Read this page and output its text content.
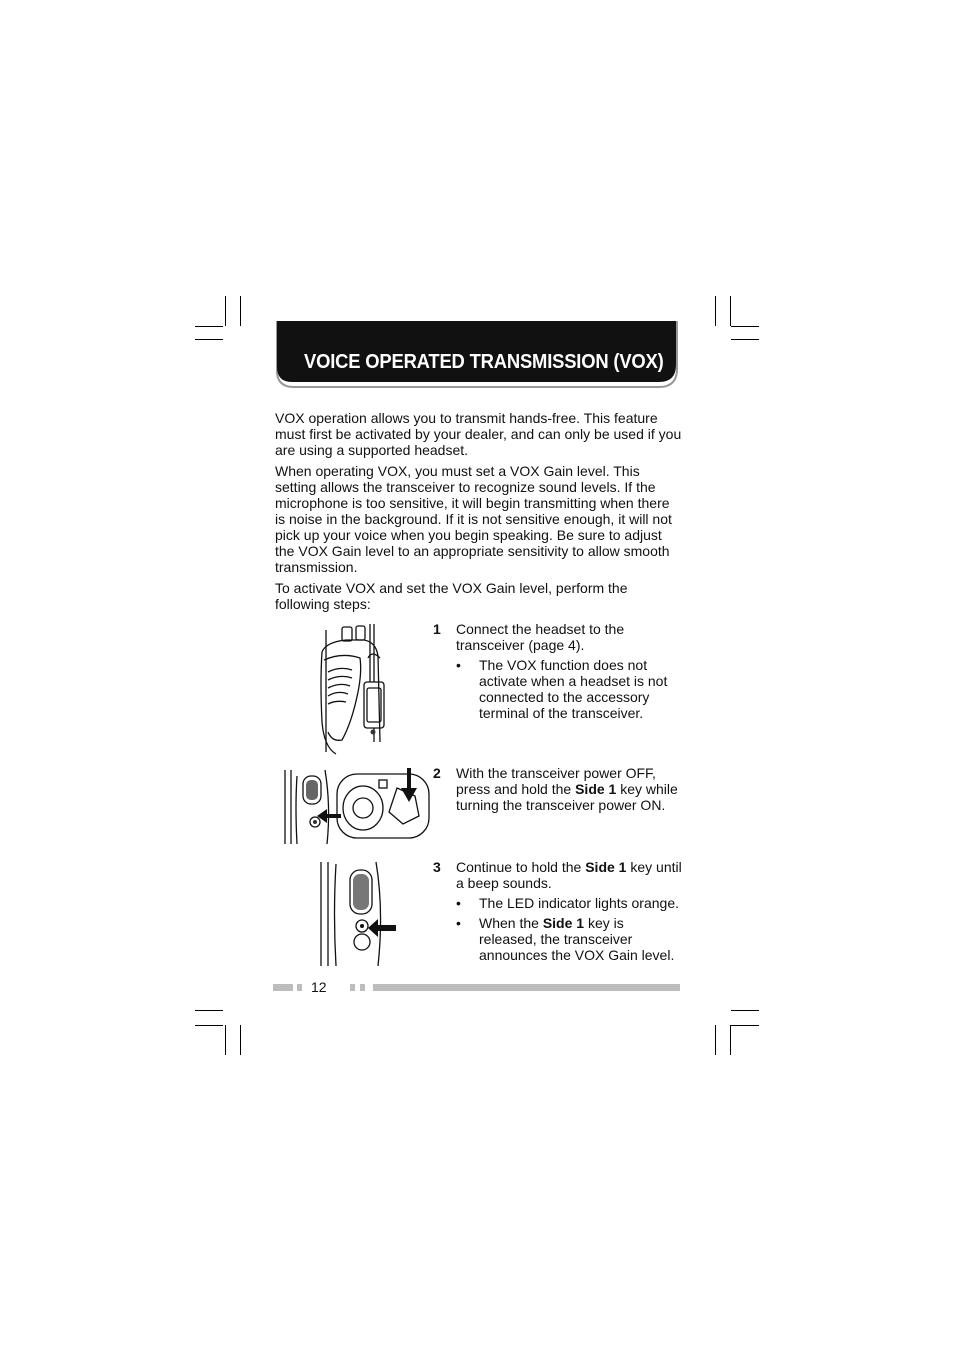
VOICE OPERATED TRANSMISSION (VOX)

VOX operation allows you to transmit hands-free. This feature must first be activated by your dealer, and can only be used if you are using a supported headset.

When operating VOX, you must set a VOX Gain level. This setting allows the transceiver to recognize sound levels. If the microphone is too sensitive, it will begin transmitting when there is noise in the background. If it is not sensitive enough, it will not pick up your voice when you begin speaking. Be sure to adjust the VOX Gain level to an appropriate sensitivity to allow smooth transmission.

To activate VOX and set the VOX Gain level, perform the following steps:

1 Connect the headset to the transceiver (page 4).
• The VOX function does not activate when a headset is not connected to the accessory terminal of the transceiver.
2 With the transceiver power OFF, press and hold the Side 1 key while turning the transceiver power ON.
3 Continue to hold the Side 1 key until a beep sounds.
• The LED indicator lights orange.
• When the Side 1 key is released, the transceiver announces the VOX Gain level.
12
